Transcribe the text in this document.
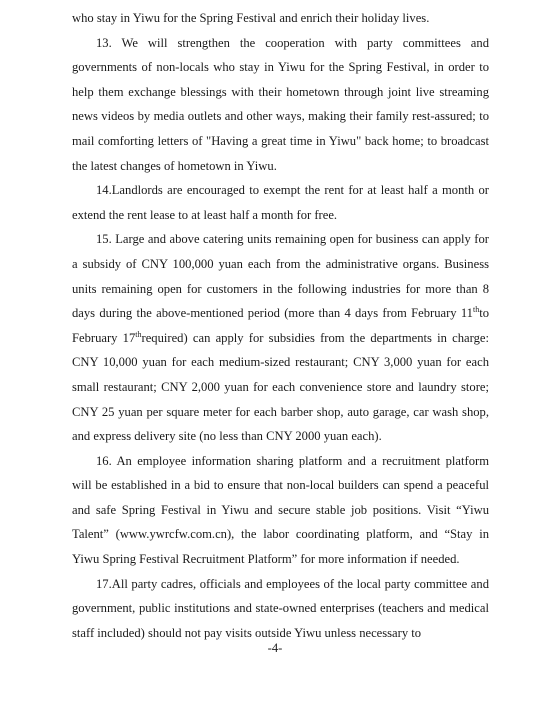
who stay in Yiwu for the Spring Festival and enrich their holiday lives.

13. We will strengthen the cooperation with party committees and governments of non-locals who stay in Yiwu for the Spring Festival, in order to help them exchange blessings with their hometown through joint live streaming news videos by media outlets and other ways, making their family rest-assured; to mail comforting letters of "Having a great time in Yiwu" back home; to broadcast the latest changes of hometown in Yiwu.

14.Landlords are encouraged to exempt the rent for at least half a month or extend the rent lease to at least half a month for free.

15. Large and above catering units remaining open for business can apply for a subsidy of CNY 100,000 yuan each from the administrative organs. Business units remaining open for customers in the following industries for more than 8 days during the above-mentioned period (more than 4 days from February 11thto February 17threquired) can apply for subsidies from the departments in charge: CNY 10,000 yuan for each medium-sized restaurant; CNY 3,000 yuan for each small restaurant; CNY 2,000 yuan for each convenience store and laundry store; CNY 25 yuan per square meter for each barber shop, auto garage, car wash shop, and express delivery site (no less than CNY 2000 yuan each).

16. An employee information sharing platform and a recruitment platform will be established in a bid to ensure that non-local builders can spend a peaceful and safe Spring Festival in Yiwu and secure stable job positions. Visit “Yiwu Talent” (www.ywrcfw.com.cn), the labor coordinating platform, and “Stay in Yiwu Spring Festival Recruitment Platform” for more information if needed.

17.All party cadres, officials and employees of the local party committee and government, public institutions and state-owned enterprises (teachers and medical staff included) should not pay visits outside Yiwu unless necessary to

-4-
